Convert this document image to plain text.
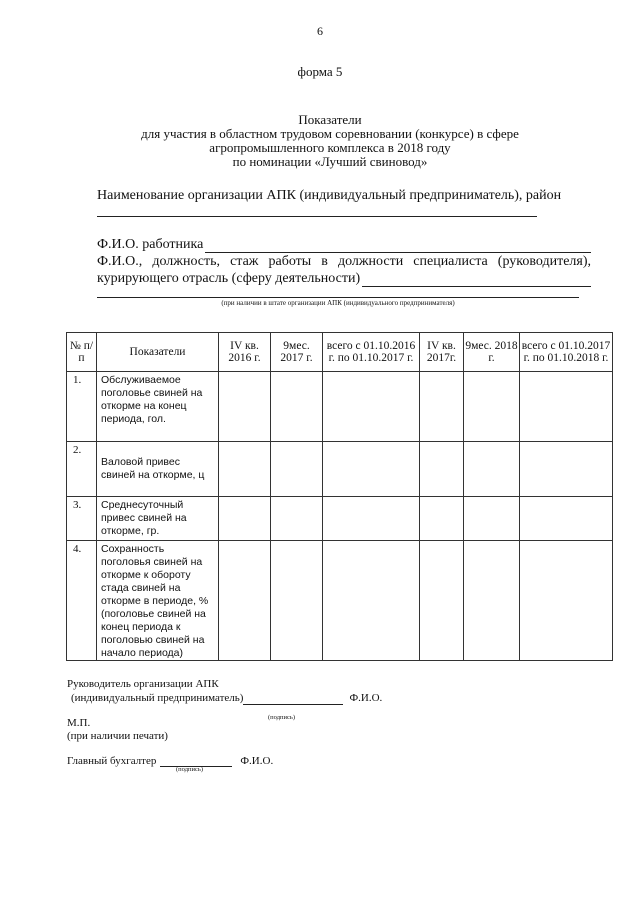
6
форма 5
Показатели
для участия в областном трудовом соревновании (конкурсе) в сфере
агропромышленного комплекса в 2018 году
по номинации «Лучший свиновод»
Наименование организации АПК (индивидуальный предприниматель), район
Ф.И.О. работника
Ф.И.О., должность, стаж работы в должности специалиста (руководителя),
курирующего отрасль (сферу деятельности)
(при наличии в штате организации АПК (индивидуального предпринимателя)
№ п/п	Показатели	IV кв. 2016 г.	9мес. 2017 г.	всего с 01.10.2016 г. по 01.10.2017 г.	IV кв. 2017г.	9мес. 2018 г.	всего с 01.10.2017 г. по 01.10.2018 г.
1.	Обслуживаемое поголовье свиней на откорме на конец периода, гол.						
2.	Валовой привес свиней на откорме, ц						
3.	Среднесуточный привес свиней на откорме, гр.						
4.	Сохранность поголовья свиней на откорме к обороту стада свиней на откорме в периоде, % (поголовье свиней на конец периода к поголовью свиней на начало периода)						
Руководитель организации АПК
(индивидуальный предприниматель)	Ф.И.О.
(подпись)
М.П.
(при наличии печати)
Главный бухгалтер	Ф.И.О.
(подпись)
